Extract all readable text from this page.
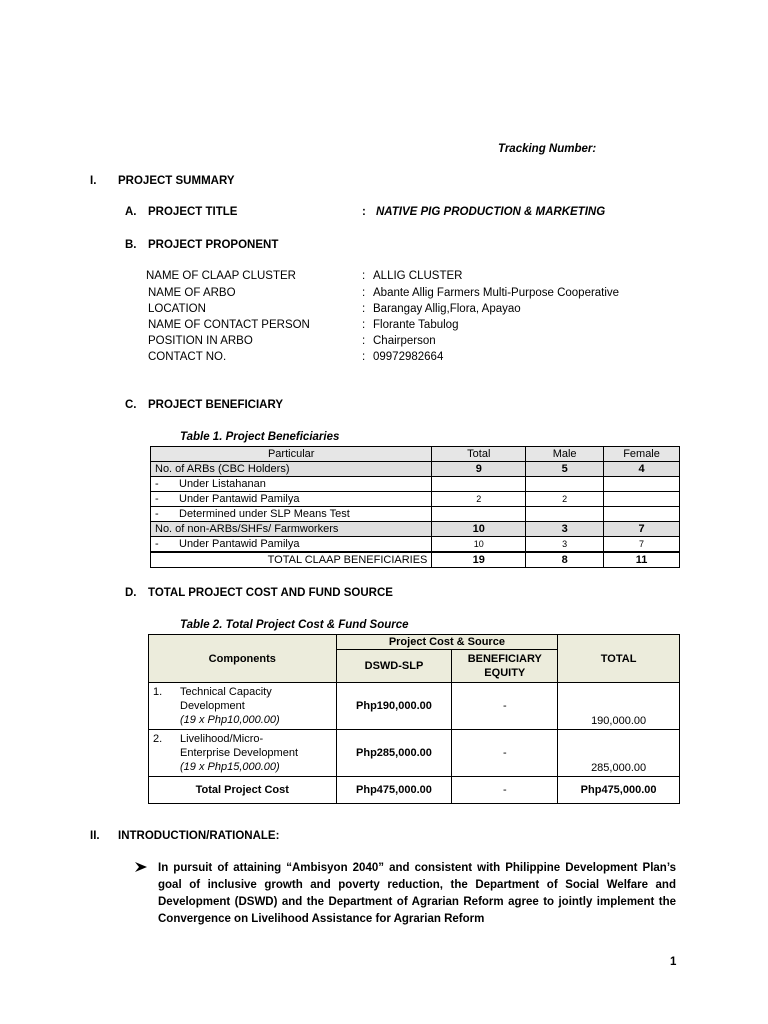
Tracking Number:
I. PROJECT SUMMARY
A. PROJECT TITLE	: NATIVE PIG PRODUCTION & MARKETING
B. PROJECT PROPONENT
NAME OF CLAAP CLUSTER	: ALLIG CLUSTER
NAME OF ARBO	: Abante Allig Farmers Multi-Purpose Cooperative
LOCATION	: Barangay Allig,Flora, Apayao
NAME OF CONTACT PERSON	: Florante Tabulog
POSITION IN ARBO	: Chairperson
CONTACT NO.	: 09972982664
C. PROJECT BENEFICIARY
Table 1. Project Beneficiaries
Particular	Total	Male	Female
No. of ARBs (CBC Holders)	9	5	4
- Under Listahanan			
- Under Pantawid Pamilya	2	2	
- Determined under SLP Means Test			
No. of non-ARBs/SHFs/ Farmworkers	10	3	7
- Under Pantawid Pamilya	10	3	7
TOTAL CLAAP BENEFICIARIES	19	8	11
D. TOTAL PROJECT COST AND FUND SOURCE
Table 2. Total Project Cost & Fund Source
Components	Project Cost & Source		TOTAL
	DSWD-SLP	BENEFICIARY
EQUITY	

1. Technical Capacity
Development
(19 x Php10,000.00)	Php190,000.00	-	190,000.00

2. Livelihood/Micro-
Enterprise Development
(19 x Php15,000.00)	Php285,000.00	-	285,000.00
Total Project Cost	Php475,000.00	-	Php475,000.00
II. INTRODUCTION/RATIONALE:
In pursuit of attaining “Ambisyon 2040” and consistent with Philippine Development Plan’s goal of inclusive growth and poverty reduction, the Department of Social Welfare and Development (DSWD) and the Department of Agrarian Reform agree to jointly implement the Convergence on Livelihood Assistance for Agrarian Reform
1
